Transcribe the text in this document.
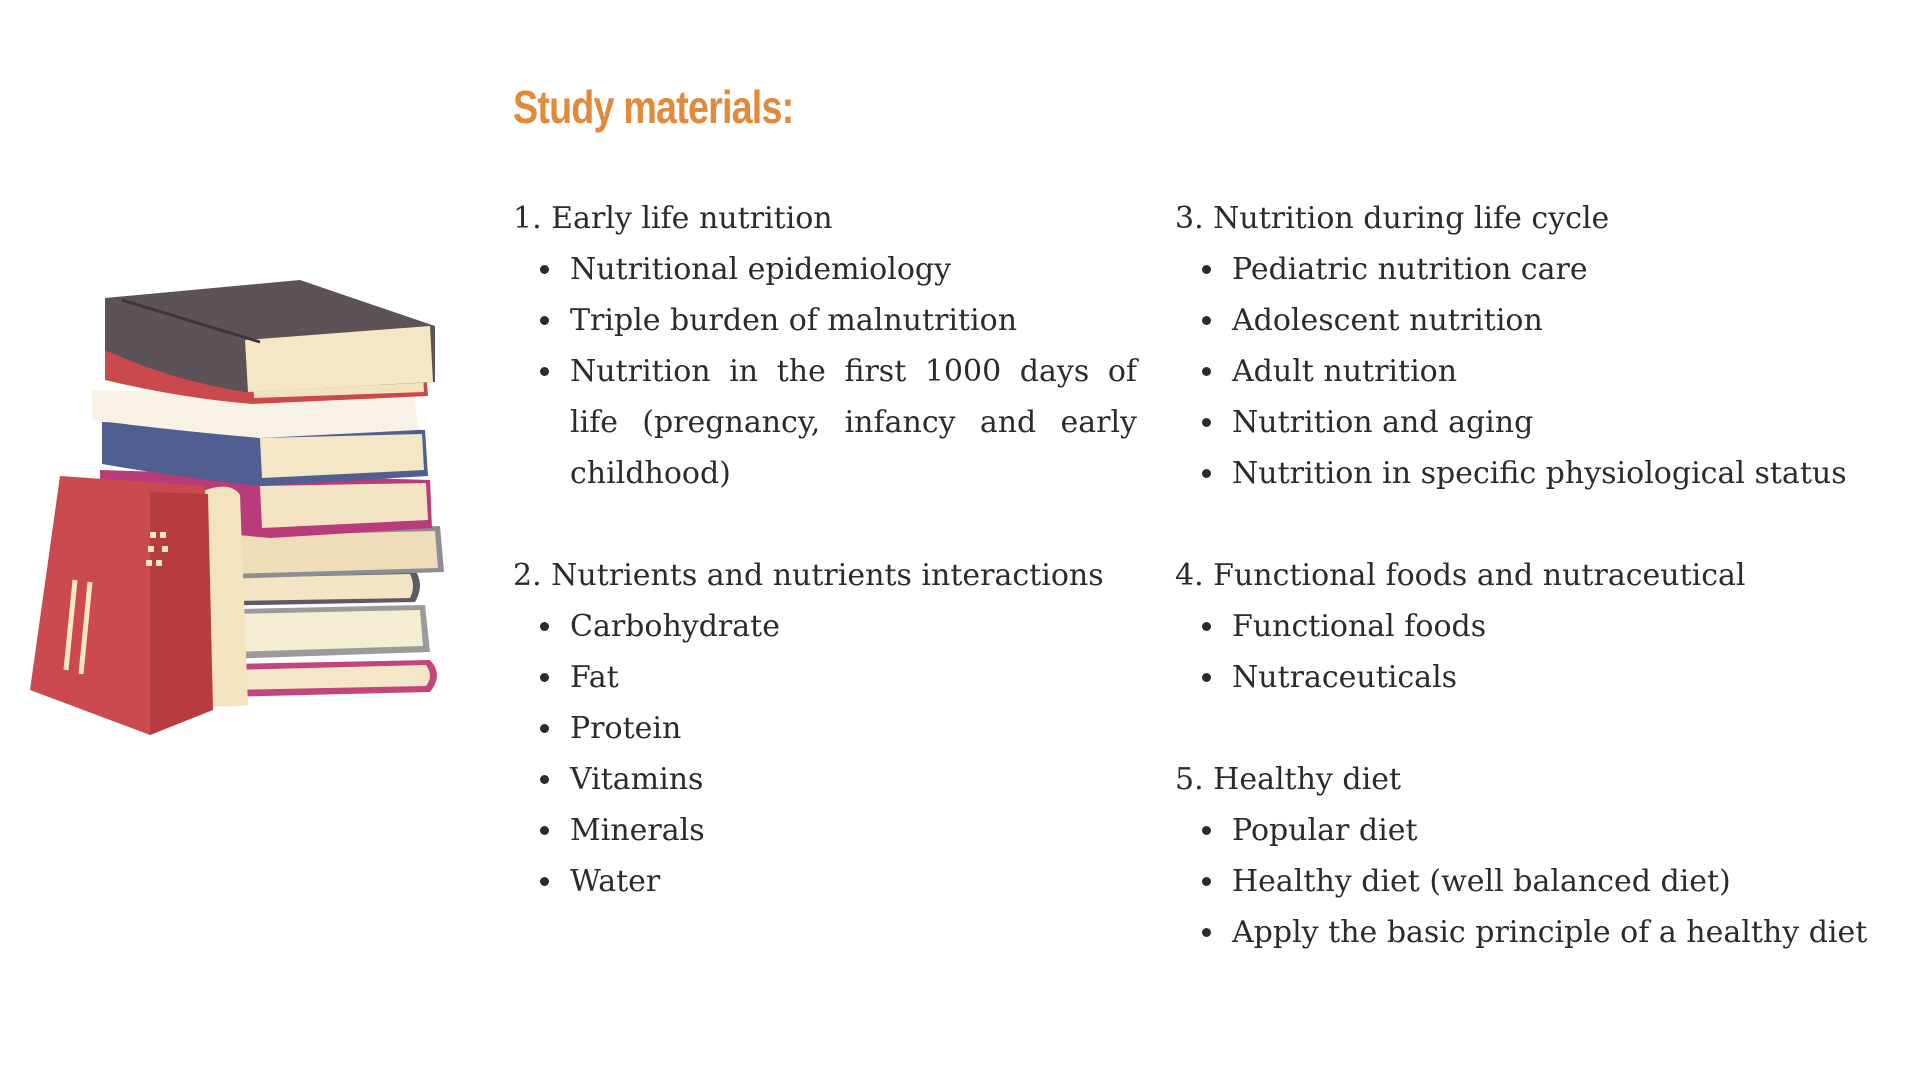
Study materials:

1. Early life nutrition

Nutritional epidemiology
Triple burden of malnutrition
Nutrition in the first 1000 days of life (pregnancy, infancy and early childhood)

2. Nutrients and nutrients interactions

Carbohydrate
Fat
Protein
Vitamins
Minerals
Water

3. Nutrition during life cycle

Pediatric nutrition care
Adolescent nutrition
Adult nutrition
Nutrition and aging
Nutrition in specific physiological status

4. Functional foods and nutraceutical

Functional foods
Nutraceuticals

5. Healthy diet

Popular diet
Healthy diet (well balanced diet)
Apply the basic principle of a healthy diet
